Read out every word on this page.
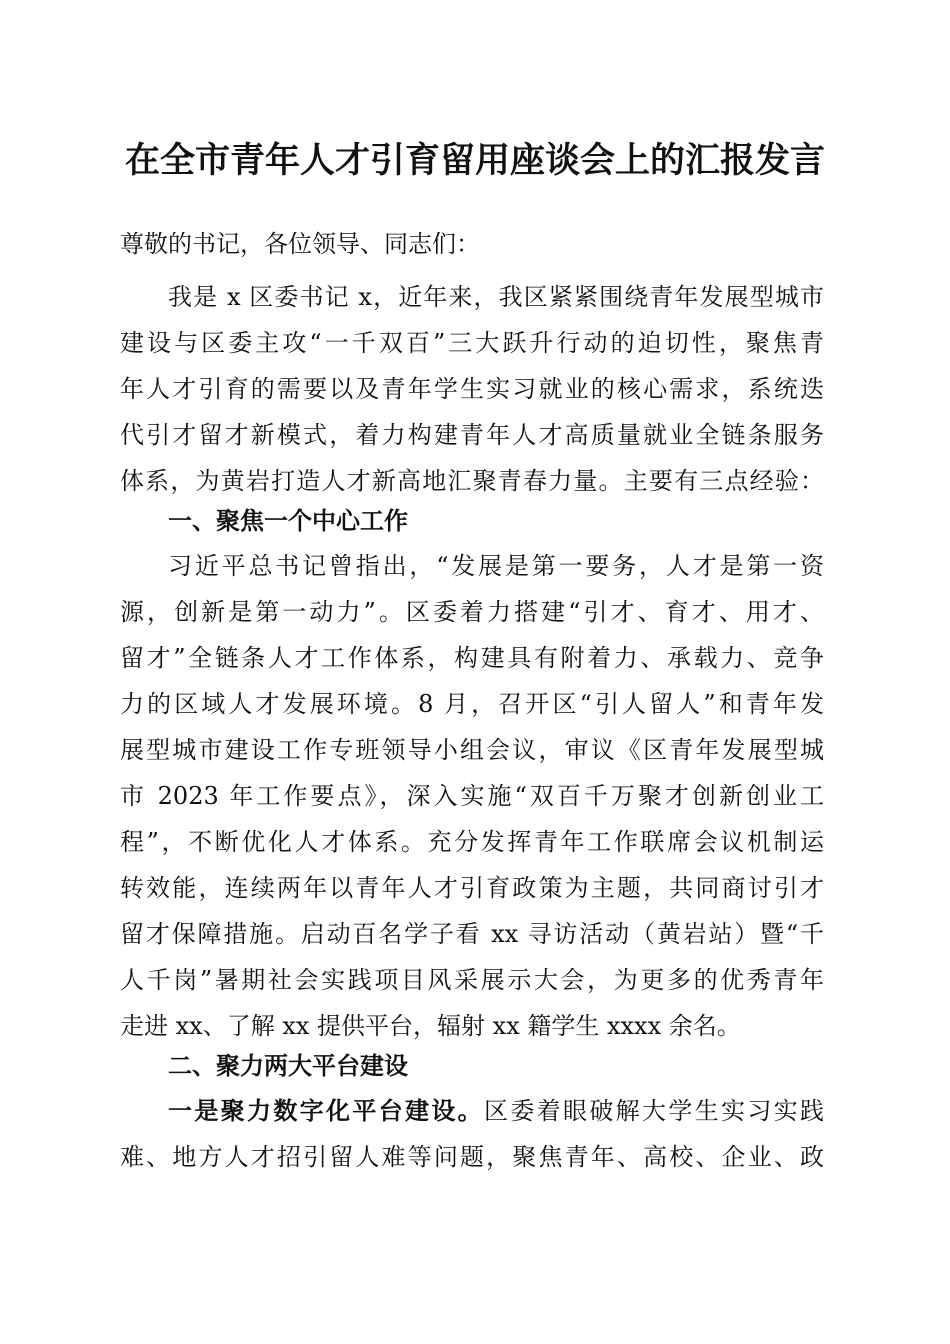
在全市青年人才引育留用座谈会上的汇报发言
尊敬的书记，各位领导、同志们：
我是 x 区委书记 x，近年来，我区紧紧围绕青年发展型城市
建设与区委主攻“一千双百”三大跃升行动的迫切性，聚焦青
年人才引育的需要以及青年学生实习就业的核心需求，系统迭
代引才留才新模式，着力构建青年人才高质量就业全链条服务
体系，为黄岩打造人才新高地汇聚青春力量。主要有三点经验：
一、聚焦一个中心工作
习近平总书记曾指出，“发展是第一要务，人才是第一资
源，创新是第一动力”。区委着力搭建“引才、育才、用才、
留才”全链条人才工作体系，构建具有附着力、承载力、竞争
力的区域人才发展环境。8 月，召开区“引人留人”和青年发
展型城市建设工作专班领导小组会议，审议《区青年发展型城
市 2023 年工作要点》，深入实施“双百千万聚才创新创业工
程”，不断优化人才体系。充分发挥青年工作联席会议机制运
转效能，连续两年以青年人才引育政策为主题，共同商讨引才
留才保障措施。启动百名学子看 xx 寻访活动（黄岩站）暨“千
人千岗”暑期社会实践项目风采展示大会，为更多的优秀青年
走进 xx、了解 xx 提供平台，辐射 xx 籍学生 xxxx 余名。
二、聚力两大平台建设
一是聚力数字化平台建设。区委着眼破解大学生实习实践
难、地方人才招引留人难等问题，聚焦青年、高校、企业、政
